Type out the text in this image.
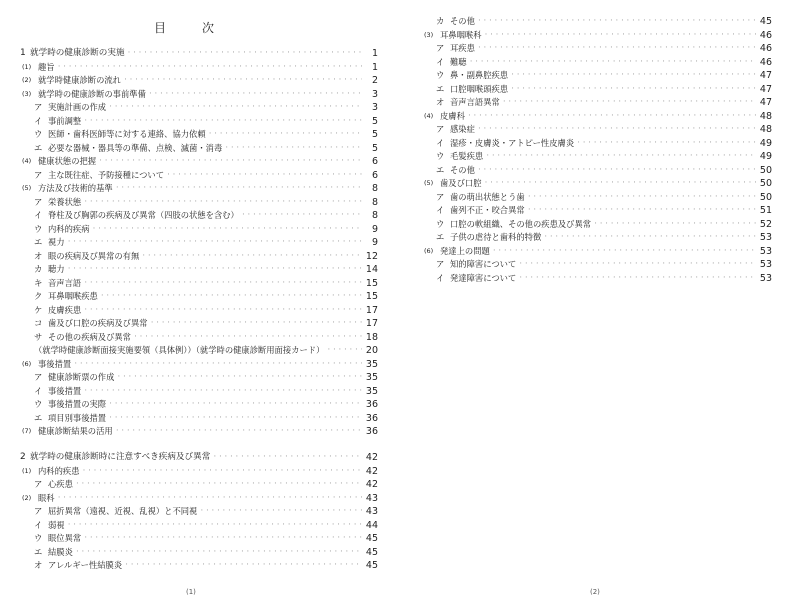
目　次
1 就学時の健康診断の実施 ・・・・・・・・・・・・・・・・・・・・・・・・・・・・・・・・・・・・・・・・・・・・・・・・・・・・・・・・・・・・・・・・・・・・・・・・・・・・・・・・・・・・・・・・・・・・・・・・・・・・	1
(1) 趣旨 ・・・・・・・・・・・・・・・・・・・・・・・・・・・・・・・・・・・・・・・・・・・・・・・・・・・・・・・・・・・・・・・・・・・・・・・・・・・・・・・・・・・・・・・・・・・・・・・・・・・・	1
(2) 就学時健康診断の流れ ・・・・・・・・・・・・・・・・・・・・・・・・・・・・・・・・・・・・・・・・・・・・・・・・・・・・・・・・・・・・・・・・・・・・・・・・・・・・・・・・・・・・・・・・・・・・・・・・・・・・	2
(3) 就学時の健康診断の事前準備 ・・・・・・・・・・・・・・・・・・・・・・・・・・・・・・・・・・・・・・・・・・・・・・・・・・・・・・・・・・・・・・・・・・・・・・・・・・・・・・・・・・・・・・・・・・・・・・・・・・・・	3
ア 実施計画の作成 ・・・・・・・・・・・・・・・・・・・・・・・・・・・・・・・・・・・・・・・・・・・・・・・・・・・・・・・・・・・・・・・・・・・・・・・・・・・・・・・・・・・・・・・・・・・・・・・・・・・・	3
イ 事前調整 ・・・・・・・・・・・・・・・・・・・・・・・・・・・・・・・・・・・・・・・・・・・・・・・・・・・・・・・・・・・・・・・・・・・・・・・・・・・・・・・・・・・・・・・・・・・・・・・・・・・・	5
ウ 医師・歯科医師等に対する連絡、協力依頼 ・・・・・・・・・・・・・・・・・・・・・・・・・・・・・・・・・・・・・・・・・・・・・・・・・・・・・・・・・・・・・・・・・・・・・・・・・・・・・・・・・・・・・・・・・・・・・・・・・・・・	5
エ 必要な器械・器具等の準備、点検、滅菌・消毒 ・・・・・・・・・・・・・・・・・・・・・・・・・・・・・・・・・・・・・・・・・・・・・・・・・・・・・・・・・・・・・・・・・・・・・・・・・・・・・・・・・・・・・・・・・・・・・・・・・・・・	5
(4) 健康状態の把握 ・・・・・・・・・・・・・・・・・・・・・・・・・・・・・・・・・・・・・・・・・・・・・・・・・・・・・・・・・・・・・・・・・・・・・・・・・・・・・・・・・・・・・・・・・・・・・・・・・・・・	6
ア 主な既往症、予防接種について ・・・・・・・・・・・・・・・・・・・・・・・・・・・・・・・・・・・・・・・・・・・・・・・・・・・・・・・・・・・・・・・・・・・・・・・・・・・・・・・・・・・・・・・・・・・・・・・・・・・・	6
(5) 方法及び技術的基準 ・・・・・・・・・・・・・・・・・・・・・・・・・・・・・・・・・・・・・・・・・・・・・・・・・・・・・・・・・・・・・・・・・・・・・・・・・・・・・・・・・・・・・・・・・・・・・・・・・・・・	8
ア 栄養状態 ・・・・・・・・・・・・・・・・・・・・・・・・・・・・・・・・・・・・・・・・・・・・・・・・・・・・・・・・・・・・・・・・・・・・・・・・・・・・・・・・・・・・・・・・・・・・・・・・・・・・	8
イ 脊柱及び胸郭の疾病及び異常（四肢の状態を含む） ・・・・・・・・・・・・・・・・・・・・・・・・・・・・・・・・・・・・・・・・・・・・・・・・・・・・・・・・・・・・・・・・・・・・・・・・・・・・・・・・・・・・・・・・・・・・・・・・・・・・	8
ウ 内科的疾病 ・・・・・・・・・・・・・・・・・・・・・・・・・・・・・・・・・・・・・・・・・・・・・・・・・・・・・・・・・・・・・・・・・・・・・・・・・・・・・・・・・・・・・・・・・・・・・・・・・・・・	9
エ 視力 ・・・・・・・・・・・・・・・・・・・・・・・・・・・・・・・・・・・・・・・・・・・・・・・・・・・・・・・・・・・・・・・・・・・・・・・・・・・・・・・・・・・・・・・・・・・・・・・・・・・・	9
オ 眼の疾病及び異常の有無 ・・・・・・・・・・・・・・・・・・・・・・・・・・・・・・・・・・・・・・・・・・・・・・・・・・・・・・・・・・・・・・・・・・・・・・・・・・・・・・・・・・・・・・・・・・・・・・・・・・・・	12
カ 聴力 ・・・・・・・・・・・・・・・・・・・・・・・・・・・・・・・・・・・・・・・・・・・・・・・・・・・・・・・・・・・・・・・・・・・・・・・・・・・・・・・・・・・・・・・・・・・・・・・・・・・・	14
キ 音声言語 ・・・・・・・・・・・・・・・・・・・・・・・・・・・・・・・・・・・・・・・・・・・・・・・・・・・・・・・・・・・・・・・・・・・・・・・・・・・・・・・・・・・・・・・・・・・・・・・・・・・・	15
ク 耳鼻咽喉疾患 ・・・・・・・・・・・・・・・・・・・・・・・・・・・・・・・・・・・・・・・・・・・・・・・・・・・・・・・・・・・・・・・・・・・・・・・・・・・・・・・・・・・・・・・・・・・・・・・・・・・・	15
ケ 皮膚疾患 ・・・・・・・・・・・・・・・・・・・・・・・・・・・・・・・・・・・・・・・・・・・・・・・・・・・・・・・・・・・・・・・・・・・・・・・・・・・・・・・・・・・・・・・・・・・・・・・・・・・・	17
コ 歯及び口腔の疾病及び異常 ・・・・・・・・・・・・・・・・・・・・・・・・・・・・・・・・・・・・・・・・・・・・・・・・・・・・・・・・・・・・・・・・・・・・・・・・・・・・・・・・・・・・・・・・・・・・・・・・・・・・	17
サ その他の疾病及び異常 ・・・・・・・・・・・・・・・・・・・・・・・・・・・・・・・・・・・・・・・・・・・・・・・・・・・・・・・・・・・・・・・・・・・・・・・・・・・・・・・・・・・・・・・・・・・・・・・・・・・・	18
（就学時健康診断面接実施要領（具体例））（就学時の健康診断用面接カード） ・・・・・・・・・・・・・・・・・・・・・・・・・・・・・・・・・・・・・・・・・・・・・・・・・・・・・・・・・・・・・・・・・・・・・・・・・・・・・・・・・・・・・・・・・・・・・・・・・・・・	20
(6) 事後措置 ・・・・・・・・・・・・・・・・・・・・・・・・・・・・・・・・・・・・・・・・・・・・・・・・・・・・・・・・・・・・・・・・・・・・・・・・・・・・・・・・・・・・・・・・・・・・・・・・・・・・	35
ア 健康診断票の作成 ・・・・・・・・・・・・・・・・・・・・・・・・・・・・・・・・・・・・・・・・・・・・・・・・・・・・・・・・・・・・・・・・・・・・・・・・・・・・・・・・・・・・・・・・・・・・・・・・・・・・	35
イ 事後措置 ・・・・・・・・・・・・・・・・・・・・・・・・・・・・・・・・・・・・・・・・・・・・・・・・・・・・・・・・・・・・・・・・・・・・・・・・・・・・・・・・・・・・・・・・・・・・・・・・・・・・	35
ウ 事後措置の実際 ・・・・・・・・・・・・・・・・・・・・・・・・・・・・・・・・・・・・・・・・・・・・・・・・・・・・・・・・・・・・・・・・・・・・・・・・・・・・・・・・・・・・・・・・・・・・・・・・・・・・	36
エ 項目別事後措置 ・・・・・・・・・・・・・・・・・・・・・・・・・・・・・・・・・・・・・・・・・・・・・・・・・・・・・・・・・・・・・・・・・・・・・・・・・・・・・・・・・・・・・・・・・・・・・・・・・・・・	36
(7) 健康診断結果の活用 ・・・・・・・・・・・・・・・・・・・・・・・・・・・・・・・・・・・・・・・・・・・・・・・・・・・・・・・・・・・・・・・・・・・・・・・・・・・・・・・・・・・・・・・・・・・・・・・・・・・・	36
2 就学時の健康診断時に注意すべき疾病及び異常 ・・・・・・・・・・・・・・・・・・・・・・・・・・・・・・・・・・・・・・・・・・・・・・・・・・・・・・・・・・・・・・・・・・・・・・・・・・・・・・・・・・・・・・・・・・・・・・・・・・・・	42
(1) 内科的疾患 ・・・・・・・・・・・・・・・・・・・・・・・・・・・・・・・・・・・・・・・・・・・・・・・・・・・・・・・・・・・・・・・・・・・・・・・・・・・・・・・・・・・・・・・・・・・・・・・・・・・・	42
ア 心疾患 ・・・・・・・・・・・・・・・・・・・・・・・・・・・・・・・・・・・・・・・・・・・・・・・・・・・・・・・・・・・・・・・・・・・・・・・・・・・・・・・・・・・・・・・・・・・・・・・・・・・・	42
(2) 眼科 ・・・・・・・・・・・・・・・・・・・・・・・・・・・・・・・・・・・・・・・・・・・・・・・・・・・・・・・・・・・・・・・・・・・・・・・・・・・・・・・・・・・・・・・・・・・・・・・・・・・・	43
ア 屈折異常（遠視、近視、乱視）と不同視 ・・・・・・・・・・・・・・・・・・・・・・・・・・・・・・・・・・・・・・・・・・・・・・・・・・・・・・・・・・・・・・・・・・・・・・・・・・・・・・・・・・・・・・・・・・・・・・・・・・・・	43
イ 弱視 ・・・・・・・・・・・・・・・・・・・・・・・・・・・・・・・・・・・・・・・・・・・・・・・・・・・・・・・・・・・・・・・・・・・・・・・・・・・・・・・・・・・・・・・・・・・・・・・・・・・・	44
ウ 眼位異常 ・・・・・・・・・・・・・・・・・・・・・・・・・・・・・・・・・・・・・・・・・・・・・・・・・・・・・・・・・・・・・・・・・・・・・・・・・・・・・・・・・・・・・・・・・・・・・・・・・・・・	45
エ 結膜炎 ・・・・・・・・・・・・・・・・・・・・・・・・・・・・・・・・・・・・・・・・・・・・・・・・・・・・・・・・・・・・・・・・・・・・・・・・・・・・・・・・・・・・・・・・・・・・・・・・・・・・	45
オ アレルギー性結膜炎 ・・・・・・・・・・・・・・・・・・・・・・・・・・・・・・・・・・・・・・・・・・・・・・・・・・・・・・・・・・・・・・・・・・・・・・・・・・・・・・・・・・・・・・・・・・・・・・・・・・・・	45
(1)
カ その他 ・・・・・・・・・・・・・・・・・・・・・・・・・・・・・・・・・・・・・・・・・・・・・・・・・・・・・・・・・・・・・・・・・・・・・・・・・・・・・・・・・・・・・・・・・・・・・・・・・・・・	45
(3) 耳鼻咽喉科 ・・・・・・・・・・・・・・・・・・・・・・・・・・・・・・・・・・・・・・・・・・・・・・・・・・・・・・・・・・・・・・・・・・・・・・・・・・・・・・・・・・・・・・・・・・・・・・・・・・・・	46
ア 耳疾患 ・・・・・・・・・・・・・・・・・・・・・・・・・・・・・・・・・・・・・・・・・・・・・・・・・・・・・・・・・・・・・・・・・・・・・・・・・・・・・・・・・・・・・・・・・・・・・・・・・・・・	46
イ 難聴 ・・・・・・・・・・・・・・・・・・・・・・・・・・・・・・・・・・・・・・・・・・・・・・・・・・・・・・・・・・・・・・・・・・・・・・・・・・・・・・・・・・・・・・・・・・・・・・・・・・・・	46
ウ 鼻・副鼻腔疾患 ・・・・・・・・・・・・・・・・・・・・・・・・・・・・・・・・・・・・・・・・・・・・・・・・・・・・・・・・・・・・・・・・・・・・・・・・・・・・・・・・・・・・・・・・・・・・・・・・・・・・	47
エ 口腔咽喉頭疾患 ・・・・・・・・・・・・・・・・・・・・・・・・・・・・・・・・・・・・・・・・・・・・・・・・・・・・・・・・・・・・・・・・・・・・・・・・・・・・・・・・・・・・・・・・・・・・・・・・・・・・	47
オ 音声言語異常 ・・・・・・・・・・・・・・・・・・・・・・・・・・・・・・・・・・・・・・・・・・・・・・・・・・・・・・・・・・・・・・・・・・・・・・・・・・・・・・・・・・・・・・・・・・・・・・・・・・・・	47
(4) 皮膚科 ・・・・・・・・・・・・・・・・・・・・・・・・・・・・・・・・・・・・・・・・・・・・・・・・・・・・・・・・・・・・・・・・・・・・・・・・・・・・・・・・・・・・・・・・・・・・・・・・・・・・	48
ア 感染症 ・・・・・・・・・・・・・・・・・・・・・・・・・・・・・・・・・・・・・・・・・・・・・・・・・・・・・・・・・・・・・・・・・・・・・・・・・・・・・・・・・・・・・・・・・・・・・・・・・・・・	48
イ 湿疹・皮膚炎・アトピー性皮膚炎 ・・・・・・・・・・・・・・・・・・・・・・・・・・・・・・・・・・・・・・・・・・・・・・・・・・・・・・・・・・・・・・・・・・・・・・・・・・・・・・・・・・・・・・・・・・・・・・・・・・・・	49
ウ 毛髪疾患 ・・・・・・・・・・・・・・・・・・・・・・・・・・・・・・・・・・・・・・・・・・・・・・・・・・・・・・・・・・・・・・・・・・・・・・・・・・・・・・・・・・・・・・・・・・・・・・・・・・・・	49
エ その他 ・・・・・・・・・・・・・・・・・・・・・・・・・・・・・・・・・・・・・・・・・・・・・・・・・・・・・・・・・・・・・・・・・・・・・・・・・・・・・・・・・・・・・・・・・・・・・・・・・・・・	50
(5) 歯及び口腔 ・・・・・・・・・・・・・・・・・・・・・・・・・・・・・・・・・・・・・・・・・・・・・・・・・・・・・・・・・・・・・・・・・・・・・・・・・・・・・・・・・・・・・・・・・・・・・・・・・・・・	50
ア 歯の萌出状態とう歯 ・・・・・・・・・・・・・・・・・・・・・・・・・・・・・・・・・・・・・・・・・・・・・・・・・・・・・・・・・・・・・・・・・・・・・・・・・・・・・・・・・・・・・・・・・・・・・・・・・・・・	50
イ 歯列不正・咬合異常 ・・・・・・・・・・・・・・・・・・・・・・・・・・・・・・・・・・・・・・・・・・・・・・・・・・・・・・・・・・・・・・・・・・・・・・・・・・・・・・・・・・・・・・・・・・・・・・・・・・・・	51
ウ 口腔の軟組織、その他の疾患及び異常 ・・・・・・・・・・・・・・・・・・・・・・・・・・・・・・・・・・・・・・・・・・・・・・・・・・・・・・・・・・・・・・・・・・・・・・・・・・・・・・・・・・・・・・・・・・・・・・・・・・・・	52
エ 子供の虐待と歯科的特徴 ・・・・・・・・・・・・・・・・・・・・・・・・・・・・・・・・・・・・・・・・・・・・・・・・・・・・・・・・・・・・・・・・・・・・・・・・・・・・・・・・・・・・・・・・・・・・・・・・・・・・	53
(6) 発達上の問題 ・・・・・・・・・・・・・・・・・・・・・・・・・・・・・・・・・・・・・・・・・・・・・・・・・・・・・・・・・・・・・・・・・・・・・・・・・・・・・・・・・・・・・・・・・・・・・・・・・・・・	53
ア 知的障害について ・・・・・・・・・・・・・・・・・・・・・・・・・・・・・・・・・・・・・・・・・・・・・・・・・・・・・・・・・・・・・・・・・・・・・・・・・・・・・・・・・・・・・・・・・・・・・・・・・・・・	53
イ 発達障害について ・・・・・・・・・・・・・・・・・・・・・・・・・・・・・・・・・・・・・・・・・・・・・・・・・・・・・・・・・・・・・・・・・・・・・・・・・・・・・・・・・・・・・・・・・・・・・・・・・・・・	53
(2)
